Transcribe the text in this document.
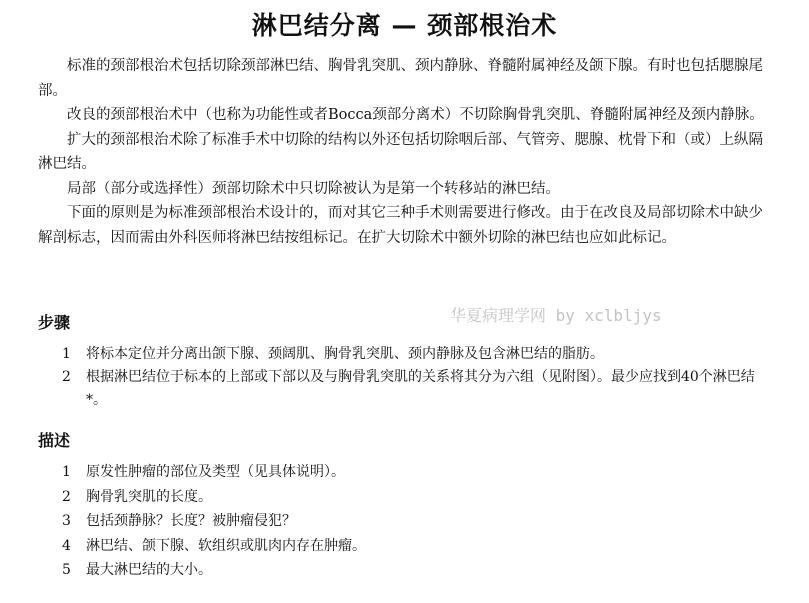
淋巴结分离 — 颈部根治术

标准的颈部根治术包括切除颈部淋巴结、胸骨乳突肌、颈内静脉、脊髓附属神经及颌下腺。有时也包括腮腺尾部。

改良的颈部根治术中（也称为功能性或者Bocca颈部分离术）不切除胸骨乳突肌、脊髓附属神经及颈内静脉。

扩大的颈部根治术除了标准手术中切除的结构以外还包括切除咽后部、气管旁、腮腺、枕骨下和（或）上纵隔淋巴结。

局部（部分或选择性）颈部切除术中只切除被认为是第一个转移站的淋巴结。

下面的原则是为标准颈部根治术设计的，而对其它三种手术则需要进行修改。由于在改良及局部切除术中缺少解剖标志，因而需由外科医师将淋巴结按组标记。在扩大切除术中额外切除的淋巴结也应如此标记。

华夏病理学网 by xclbljys
步骤
1	将标本定位并分离出颌下腺、颈阔肌、胸骨乳突肌、颈内静脉及包含淋巴结的脂肪。
2	根据淋巴结位于标本的上部或下部以及与胸骨乳突肌的关系将其分为六组（见附图）。最少应找到40个淋巴结*。
描述
1	原发性肿瘤的部位及类型（见具体说明）。
2	胸骨乳突肌的长度。
3	包括颈静脉？长度？被肿瘤侵犯？
4	淋巴结、颌下腺、软组织或肌肉内存在肿瘤。
5	最大淋巴结的大小。
